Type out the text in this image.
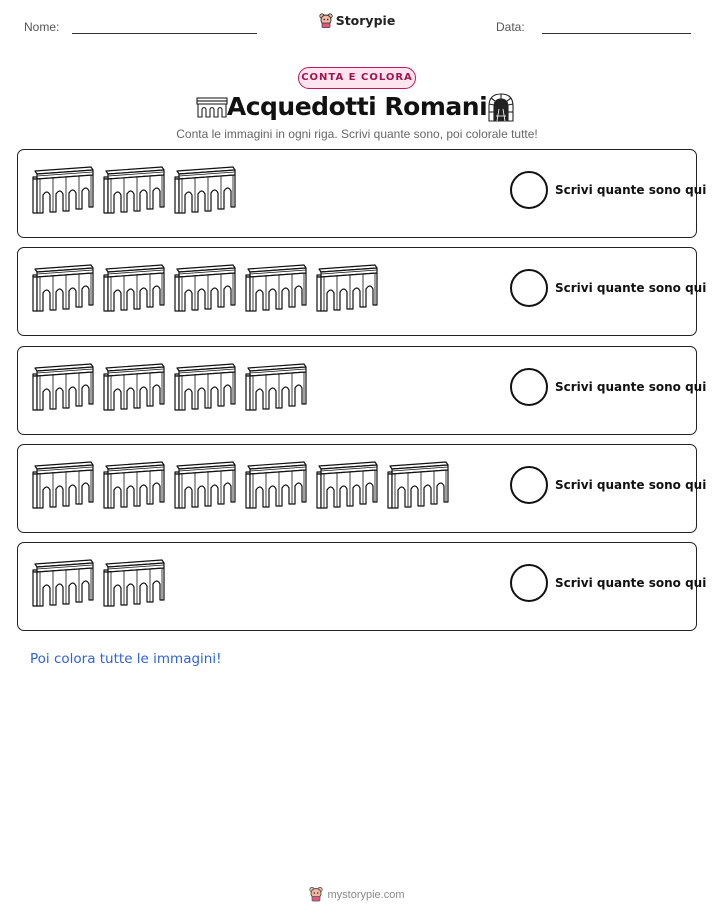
Nome:	Storypie	Data:
CONTA E COLORA
Acquedotti Romani
Conta le immagini in ogni riga. Scrivi quante sono, poi colorale tutte!
Scrivi quante sono qui
Scrivi quante sono qui
Scrivi quante sono qui
Scrivi quante sono qui
Scrivi quante sono qui
Poi colora tutte le immagini!
mystorypie.com
